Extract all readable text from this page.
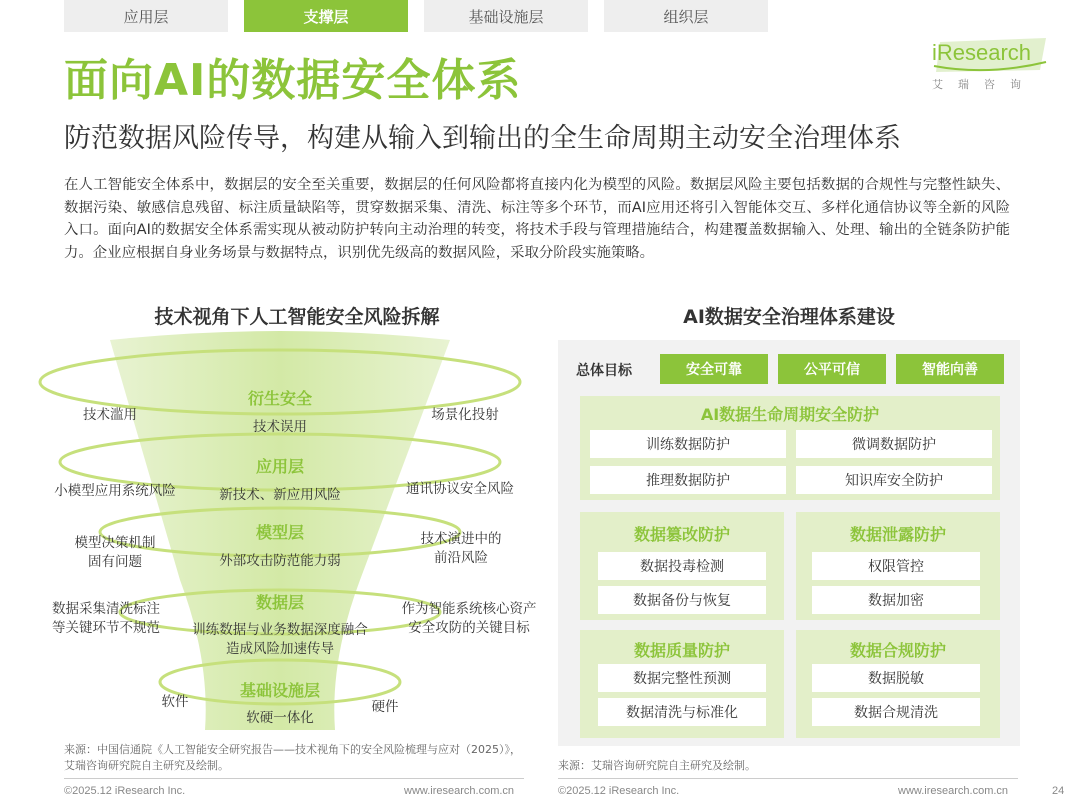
应用层	支撑层	基础设施层	组织层
iResearch
艾瑞咨询
面向AI的数据安全体系
防范数据风险传导，构建从输入到输出的全生命周期主动安全治理体系
在人工智能安全体系中，数据层的安全至关重要，数据层的任何风险都将直接内化为模型的风险。数据层风险主要包括数据的合规性与完整性缺失、数据污染、敏感信息残留、标注质量缺陷等，贯穿数据采集、清洗、标注等多个环节，而AI应用还将引入智能体交互、多样化通信协议等全新的风险入口。面向AI的数据安全体系需实现从被动防护转向主动治理的转变，将技术手段与管理措施结合，构建覆盖数据输入、处理、输出的全链条防护能力。企业应根据自身业务场景与数据特点，识别优先级高的数据风险，采取分阶段实施策略。
技术视角下人工智能安全风险拆解
衍生安全
应用层
模型层
数据层
基础设施层
技术误用
新技术、新应用风险
外部攻击防范能力弱
训练数据与业务数据深度融合
造成风险加速传导
软硬一体化
技术滥用
小模型应用系统风险
模型决策机制
固有问题
数据采集清洗标注
等关键环节不规范
软件
场景化投射
通讯协议安全风险
技术演进中的
前沿风险
作为智能系统核心资产
安全攻防的关键目标
硬件
来源：中国信通院《人工智能安全研究报告——技术视角下的安全风险梳理与应对（2025）》，艾瑞咨询研究院自主研究及绘制。
©2025.12 iResearch Inc.	www.iresearch.com.cn
AI数据安全治理体系建设
总体目标	安全可靠	公平可信	智能向善
AI数据生命周期安全防护
训练数据防护	微调数据防护
推理数据防护	知识库安全防护
数据篡改防护
数据投毒检测
数据备份与恢复
数据泄露防护
权限管控
数据加密
数据质量防护
数据完整性预测
数据清洗与标准化
数据合规防护
数据脱敏
数据合规清洗
来源：艾瑞咨询研究院自主研究及绘制。
©2025.12 iResearch Inc.	www.iresearch.com.cn	24
